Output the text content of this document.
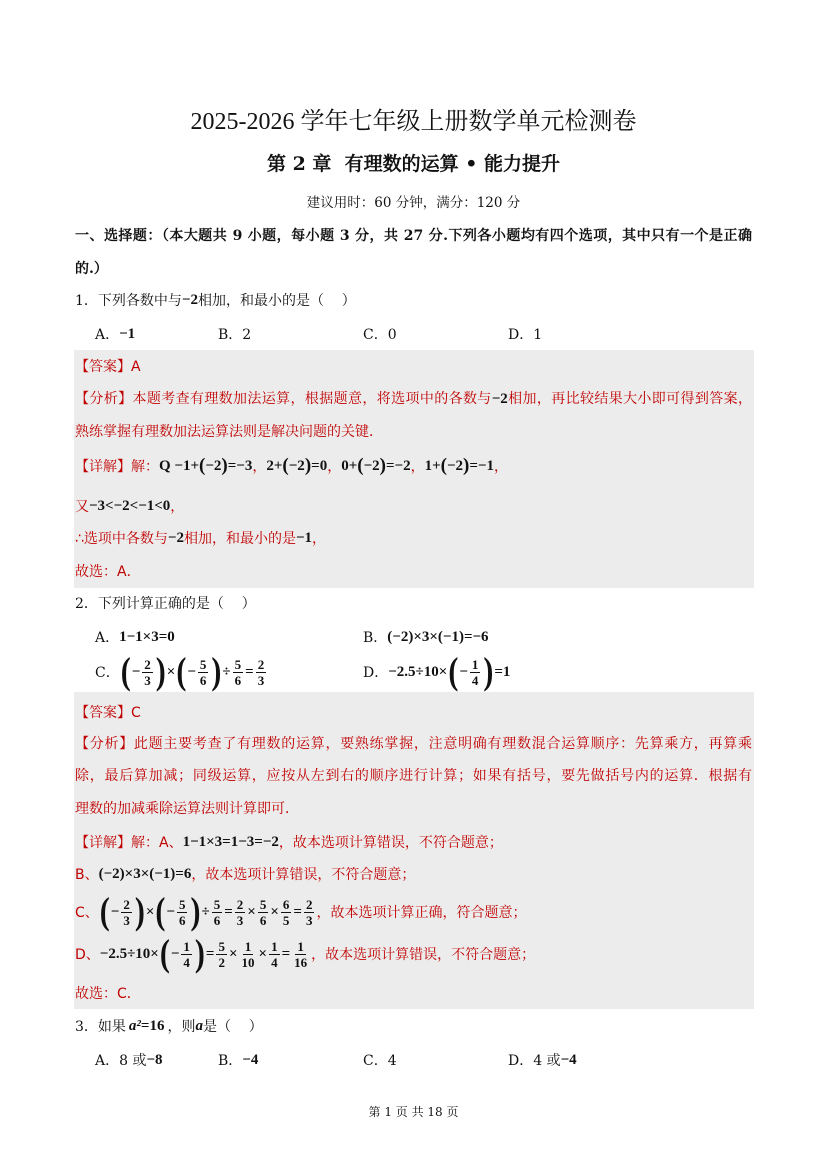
2025-2026 学年七年级上册数学单元检测卷
第 2 章  有理数的运算 • 能力提升
建议用时：60 分钟，满分：120 分
一、选择题：（本大题共 9 小题，每小题 3 分，共 27 分.下列各小题均有四个选项，其中只有一个是正确
的.）
1．下列各数中与 −2 相加，和最小的是（    ）
A． −1	B．2	C．0	D．1
【答案】A
【分析】本题考查有理数加法运算，根据题意，将选项中的各数与 −2 相加，再比较结果大小即可得到答案，
熟练掌握有理数加法运算法则是解决问题的关键．
【详解】解： Q −1+ ( −2 ) =−3 ， 2+ ( −2 ) =0 ， 0+ ( −2 ) =−2 ， 1+ ( −2 ) =−1 ，
又 −3<−2<−1<0 ，
∴选项中各数与 −2 相加，和最小的是 −1 ，
故选：A．
2．下列计算正确的是（    ）
A． 1−1×3=0	B． (−2)×3×(−1)=−6
C． ( − $\frac{2}{3}$ ) × ( − $\frac{5}{6}$ ) ÷ $\frac{5}{6} = \frac{2}{3}$	D． −2.5÷10× ( − $\frac{1}{4}$ ) =1
【答案】C
【分析】此题主要考查了有理数的运算，要熟练掌握，注意明确有理数混合运算顺序：先算乘方，再算乘
除，最后算加减；同级运算，应按从左到右的顺序进行计算；如果有括号，要先做括号内的运算．根据有
理数的加减乘除运算法则计算即可．
【详解】解：A、 1−1×3=1−3=−2 ，故本选项计算错误，不符合题意；
B、 (−2)×3×(−1)=6 ，故本选项计算错误，不符合题意；
C、 ( − $\frac{2}{3}$ ) × ( − $\frac{5}{6}$ ) ÷ $\frac{5}{6} = \frac{2}{3} \times \frac{5}{6} \times \frac{6}{5} = \frac{2}{3}$ ，故本选项计算正确，符合题意；
D、 −2.5÷10× ( − $\frac{1}{4}$ ) = $\frac{5}{2} \times \frac{1}{10} \times \frac{1}{4} = \frac{1}{16}$ ，故本选项计算错误，不符合题意；
故选：C．
3．如果 a² =16 ，则 a 是（    ）
A．8 或 −8	B． −4	C．4	D．4 或 −4
第 1 页 共 18 页
